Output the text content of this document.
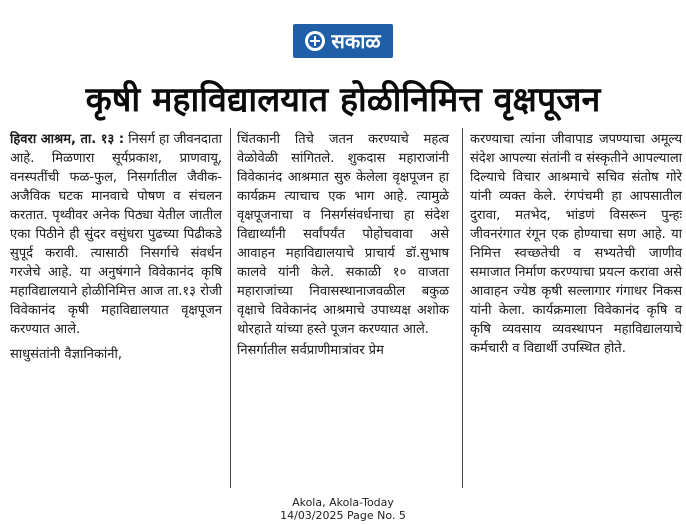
सकाळ
कृषी महाविद्यालयात होळीनिमित्त वृक्षपूजन

हिवरा आश्रम, ता. १३ : निसर्ग हा जीवनदाता आहे. मिळणारा सूर्यप्रकाश, प्राणवायू, वनस्पतींची फळ-फुल, निसर्गातील जैवीक-अजैविक घटक मानवाचे पोषण व संचलन करतात. पृथ्वीवर अनेक पिठ्या येतील जातील एका पिठीने ही सुंदर वसुंधरा पुढच्या पिढीकडे सुपूर्द करावी. त्यासाठी निसर्गाचे संवर्धन गरजेचे आहे. या अनुषंगाने विवेकानंद कृषि महाविद्यालयाने होळीनिमित्त आज ता.१३ रोजी विवेकानंद कृषी महाविद्यालयात वृक्षपूजन करण्यात आले.

साधुसंतांनी वैज्ञानिकांनी,

चिंतकानी तिचे जतन करण्याचे महत्व वेळोवेळी सांगितले. शुकदास महाराजांनी विवेकानंद आश्रमात सुरु केलेला वृक्षपूजन हा कार्यक्रम त्याचाच एक भाग आहे. त्यामुळे वृक्षपूजनाचा व निसर्गसंवर्धनाचा हा संदेश विद्यार्थ्यांनी सर्वांपर्यंत पोहोचवावा असे आवाहन महाविद्यालयाचे प्राचार्य डॉ.सुभाष कालवे यांनी केले. सकाळी १० वाजता महाराजांच्या निवासस्थानाजवळील बकुळ वृक्षाचे विवेकानंद आश्रमाचे उपाध्यक्ष अशोक थोरहाते यांच्या हस्ते पूजन करण्यात आले.

निसर्गातील सर्वप्राणीमात्रांवर प्रेम

करण्याचा त्यांना जीवापाड जपण्याचा अमूल्य संदेश आपल्या संतांनी व संस्कृतीने आपल्याला दिल्याचे विचार आश्रमाचे सचिव संतोष गोरे यांनी व्यक्त केले. रंगपंचमी हा आपसातील दुरावा, मतभेद, भांडणं विसरून पुन्हः जीवनरंगात रंगून एक होण्याचा सण आहे. या निमित्त स्वच्छतेची व सभ्यतेची जाणीव समाजात निर्माण करण्याचा प्रयत्न करावा असे आवाहन ज्येष्ठ कृषी सल्लागार गंगाधर निकस यांनी केला. कार्यक्रमाला विवेकानंद कृषि व कृषि व्यवसाय व्यवस्थापन महाविद्यालयाचे कर्मचारी व विद्यार्थी उपस्थित होते.

Akola, Akola-Today
14/03/2025 Page No. 5
